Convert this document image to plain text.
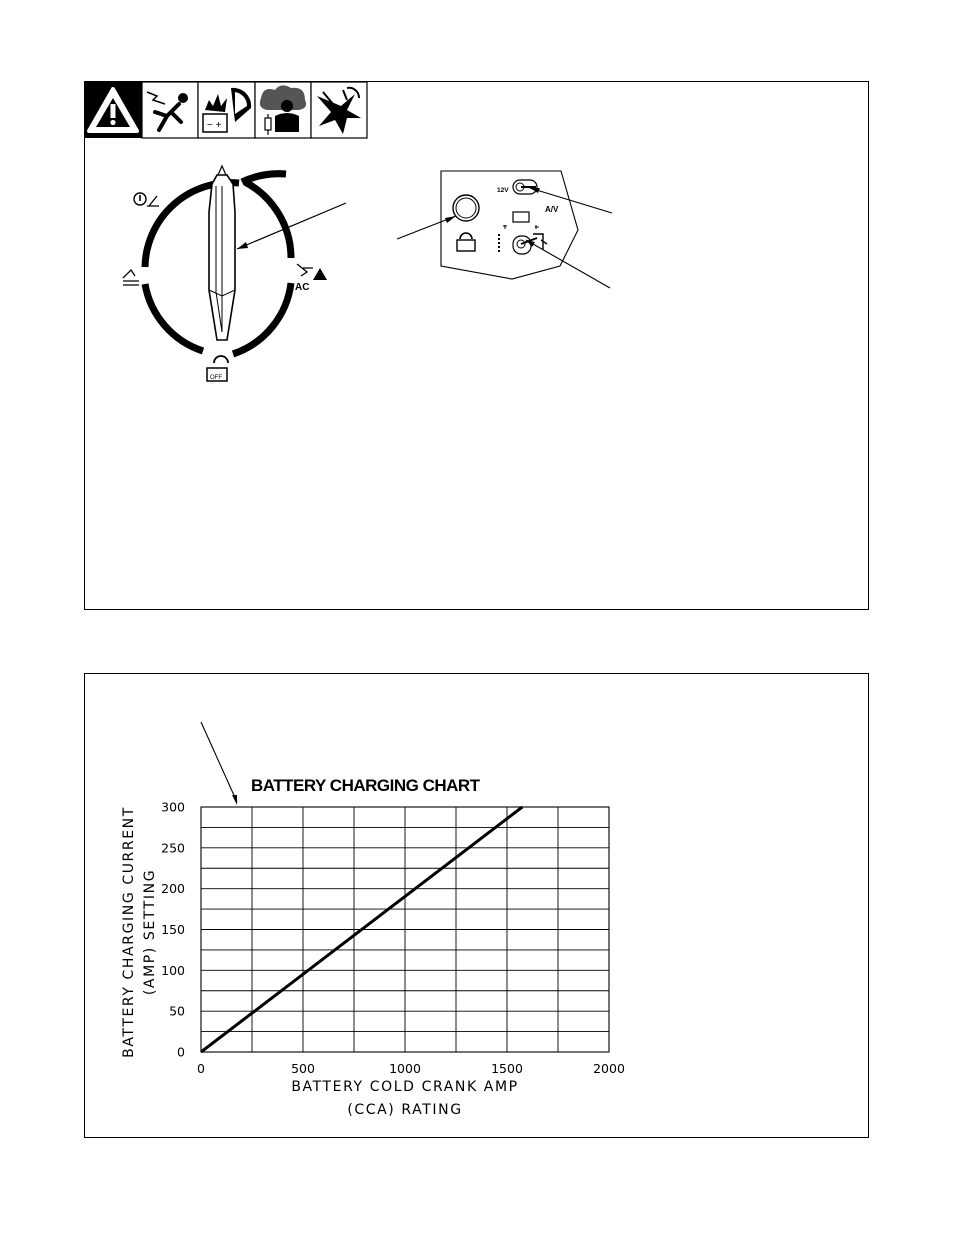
− +
AC
OFF
12V
A/V
BATTERY CHARGING CHART
0	500	1000	1500	2000
0
50
100
150
200
250
300
BATTERY COLD CRANK AMP
(CCA) RATING
BATTERY CHARGING CURRENT (AMP) SETTING
